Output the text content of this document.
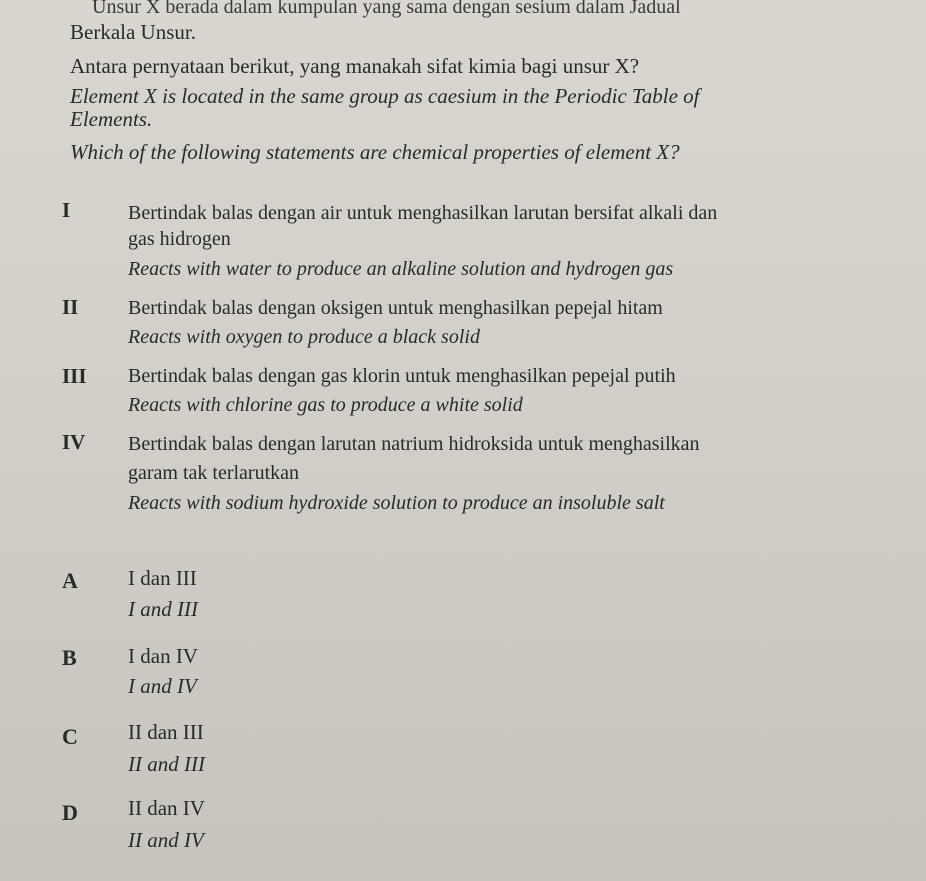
Unsur X berada dalam kumpulan yang sama dengan sesium dalam Jadual
Berkala Unsur.
Antara pernyataan berikut, yang manakah sifat kimia bagi unsur X?
Element X is located in the same group as caesium in the Periodic Table of
Elements.
Which of the following statements are chemical properties of element X?
I	Bertindak balas dengan air untuk menghasilkan larutan bersifat alkali dan
gas hidrogen
Reacts with water to produce an alkaline solution and hydrogen gas
II Bertindak balas dengan oksigen untuk menghasilkan pepejal hitam
Reacts with oxygen to produce a black solid
III Bertindak balas dengan gas klorin untuk menghasilkan pepejal putih
Reacts with chlorine gas to produce a white solid
IV Bertindak balas dengan larutan natrium hidroksida untuk menghasilkan
garam tak terlarutkan
Reacts with sodium hydroxide solution to produce an insoluble salt
A I dan III
I and III
B I dan IV
I and IV
C II dan III
II and III
D II dan IV
II and IV
